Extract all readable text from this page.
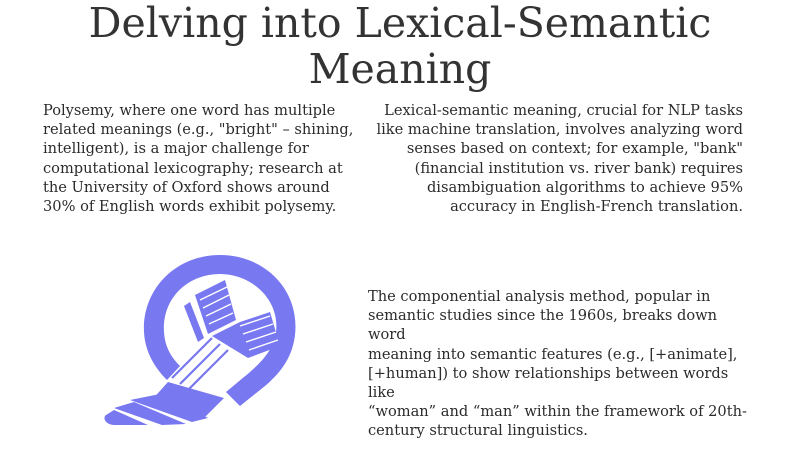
Delving into Lexical-Semantic
Meaning

Polysemy, where one word has multiple
related meanings (e.g., "bright" – shining,
intelligent), is a major challenge for
computational lexicography; research at
the University of Oxford shows around
30% of English words exhibit polysemy.

Lexical-semantic meaning, crucial for NLP tasks
like machine translation, involves analyzing word
senses based on context; for example, "bank"
(financial institution vs. river bank) requires
disambiguation algorithms to achieve 95%
accuracy in English-French translation.

The componential analysis method, popular in
semantic studies since the 1960s, breaks down word
meaning into semantic features (e.g., [+animate],
[+human]) to show relationships between words like
“woman” and “man” within the framework of 20th-
century structural linguistics.
